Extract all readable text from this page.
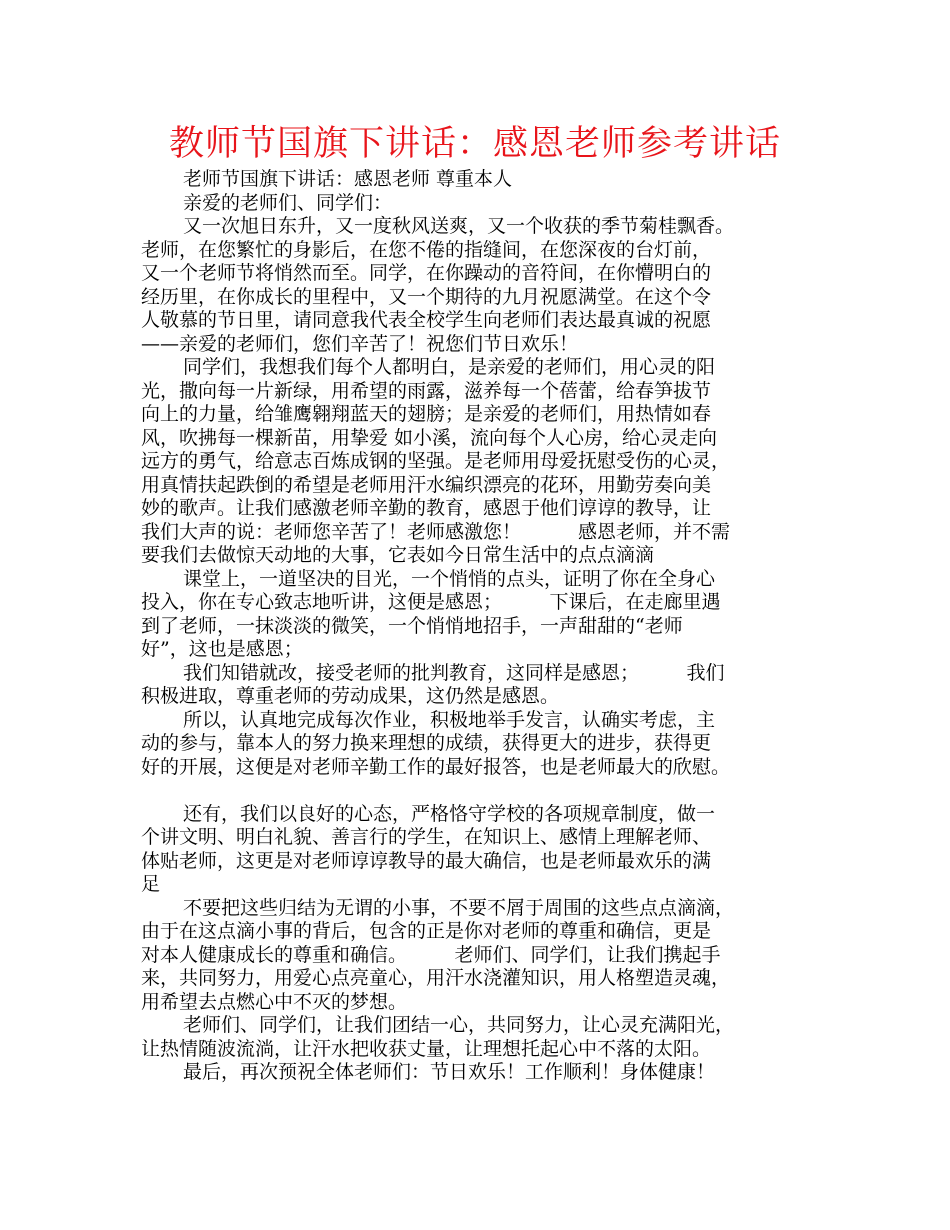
教师节国旗下讲话：感恩老师参考讲话
老师节国旗下讲话：感恩老师 尊重本人
亲爱的老师们、同学们：
又一次旭日东升，又一度秋风送爽，又一个收获的季节菊桂飘香。
老师，在您繁忙的身影后，在您不倦的指缝间，在您深夜的台灯前，
又一个老师节将悄然而至。同学，在你躁动的音符间，在你懵明白的
经历里，在你成长的里程中，又一个期待的九月祝愿满堂。在这个令
人敬慕的节日里，请同意我代表全校学生向老师们表达最真诚的祝愿
——亲爱的老师们，您们辛苦了！祝您们节日欢乐！
同学们，我想我们每个人都明白，是亲爱的老师们，用心灵的阳
光，撒向每一片新绿，用希望的雨露，滋养每一个蓓蕾，给春笋拔节
向上的力量，给雏鹰翱翔蓝天的翅膀；是亲爱的老师们，用热情如春
风，吹拂每一棵新苗，用挚爱 如小溪，流向每个人心房，给心灵走向
远方的勇气，给意志百炼成钢的坚强。是老师用母爱抚慰受伤的心灵，
用真情扶起跌倒的希望是老师用汗水编织漂亮的花环，用勤劳奏向美
妙的歌声。让我们感激老师辛勤的教育，感恩于他们谆谆的教导，让
我们大声的说：老师您辛苦了！老师感激您！　　　感恩老师，并不需
要我们去做惊天动地的大事，它表如今日常生活中的点点滴滴
课堂上，一道坚决的目光，一个悄悄的点头，证明了你在全身心
投入，你在专心致志地听讲，这便是感恩；　　　下课后，在走廊里遇
到了老师，一抹淡淡的微笑，一个悄悄地招手，一声甜甜的“老师
好”，这也是感恩；
我们知错就改，接受老师的批判教育，这同样是感恩；　　　我们
积极进取，尊重老师的劳动成果，这仍然是感恩。
所以，认真地完成每次作业，积极地举手发言，认确实考虑，主
动的参与，靠本人的努力换来理想的成绩，获得更大的进步，获得更
好的开展，这便是对老师辛勤工作的最好报答，也是老师最大的欣慰。
还有，我们以良好的心态，严格恪守学校的各项规章制度，做一
个讲文明、明白礼貌、善言行的学生，在知识上、感情上理解老师、
体贴老师，这更是对老师谆谆教导的最大确信，也是老师最欢乐的满
足
不要把这些归结为无谓的小事，不要不屑于周围的这些点点滴滴，
由于在这点滴小事的背后，包含的正是你对老师的尊重和确信，更是
对本人健康成长的尊重和确信。　　　老师们、同学们，让我们携起手
来，共同努力，用爱心点亮童心，用汗水浇灌知识，用人格塑造灵魂，
用希望去点燃心中不灭的梦想。
老师们、同学们，让我们团结一心，共同努力，让心灵充满阳光，
让热情随波流淌，让汗水把收获丈量，让理想托起心中不落的太阳。
最后，再次预祝全体老师们：节日欢乐！工作顺利！身体健康！
